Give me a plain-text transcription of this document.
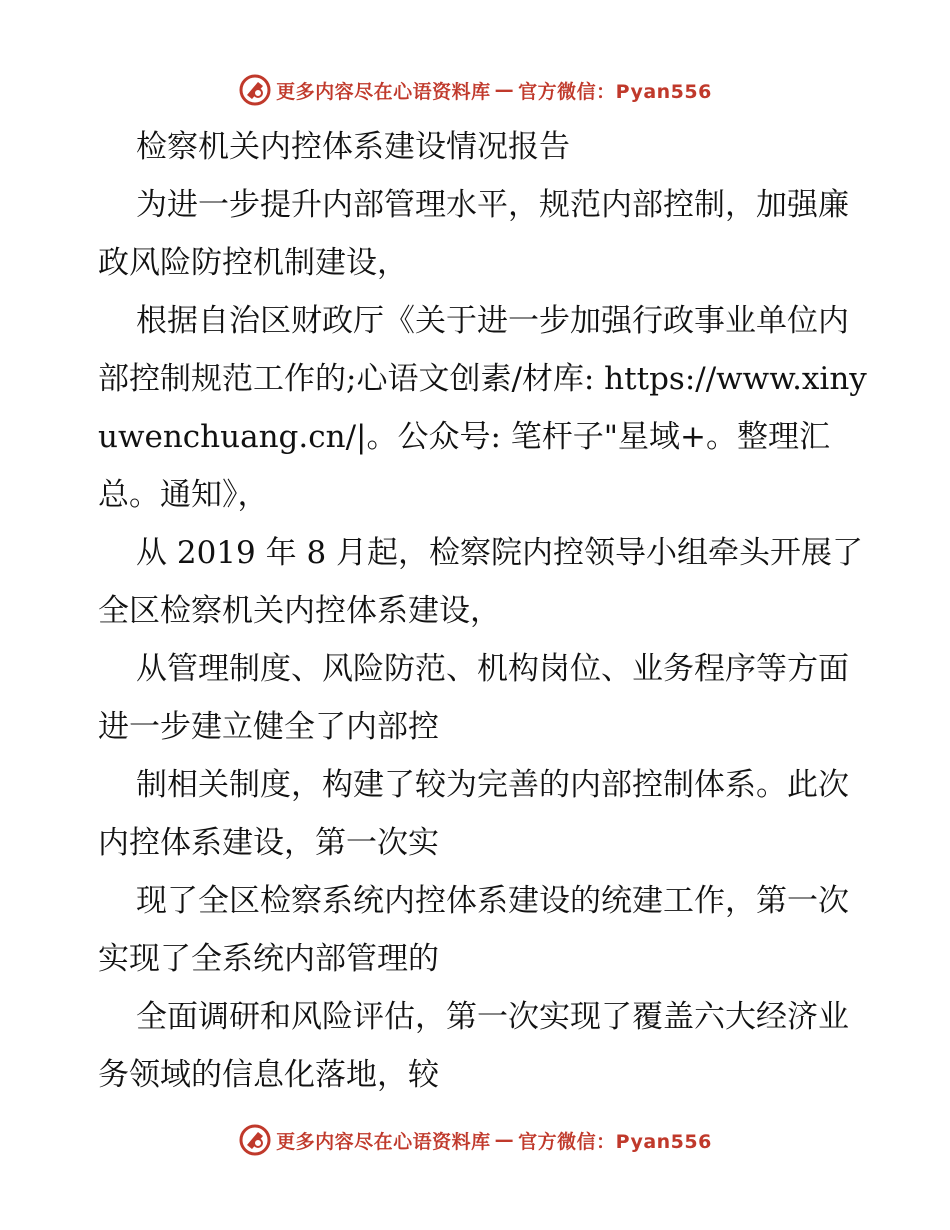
更多内容尽在心语资料库 — 官方微信：Pyan556

检察机关内控体系建设情况报告

为进一步提升内部管理水平，规范内部控制，加强廉政风险防控机制建设，

根据自治区财政厅《关于进一步加强行政事业单位内部控制规范工作的;心语文创素/材库: https://www.xinyuwenchuang.cn/|。公众号: 笔杆子"星域+。整理汇总。通知》，

从 2019 年 8 月起，检察院内控领导小组牵头开展了全区检察机关内控体系建设，

从管理制度、风险防范、机构岗位、业务程序等方面进一步建立健全了内部控

制相关制度，构建了较为完善的内部控制体系。此次内控体系建设，第一次实

现了全区检察系统内控体系建设的统建工作，第一次实现了全系统内部管理的

全面调研和风险评估，第一次实现了覆盖六大经济业务领域的信息化落地，较

更多内容尽在心语资料库 — 官方微信：Pyan556
